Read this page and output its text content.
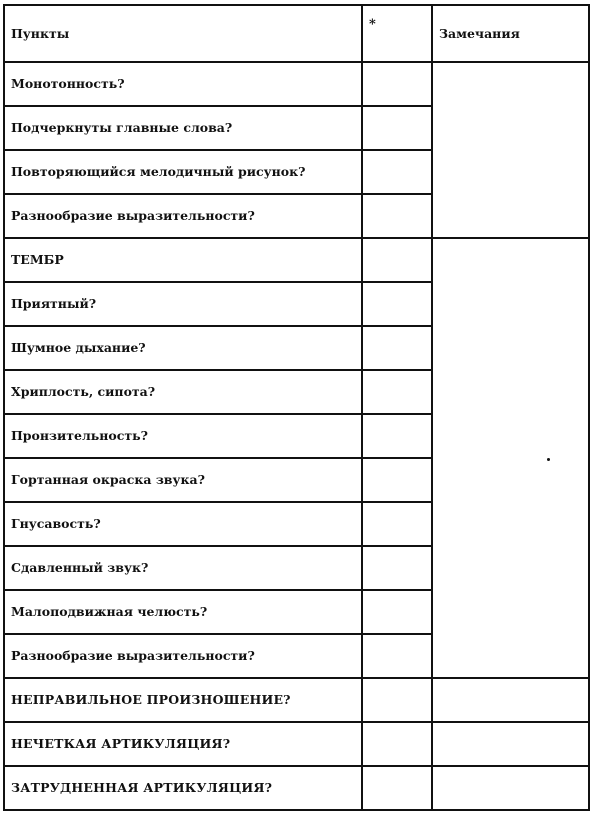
Пункты	*	Замечания
Монотонность?		
Подчеркнуты главные слова?		
Повторяющийся мелодичный рисунок?		
Разнообразие выразительности?		
ТЕМБР		

Приятный?		
Шумное дыхание?		
Хриплость, сипота?		
Пронзительность?		
Гортанная окраска звука?		
Гнусавость?		
Сдавленный звук?		
Малоподвижная челюсть?		
Разнообразие выразительности?		
НЕПРАВИЛЬНОЕ ПРОИЗНОШЕНИЕ?		
НЕЧЕТКАЯ АРТИКУЛЯЦИЯ?		
ЗАТРУДНЕННАЯ АРТИКУЛЯЦИЯ?		
